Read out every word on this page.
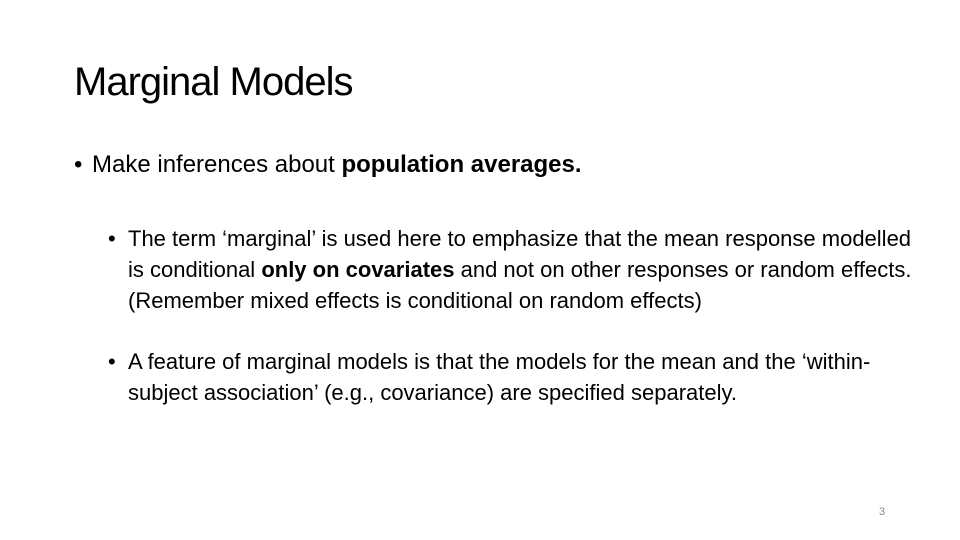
Marginal Models
• Make inferences about population averages.
• The term ‘marginal’ is used here to emphasize that the mean response modelled is conditional only on covariates and not on other responses or random effects. (Remember mixed effects is conditional on random effects)
• A feature of marginal models is that the models for the mean and the ‘within-subject association’ (e.g., covariance) are specified separately.
3
